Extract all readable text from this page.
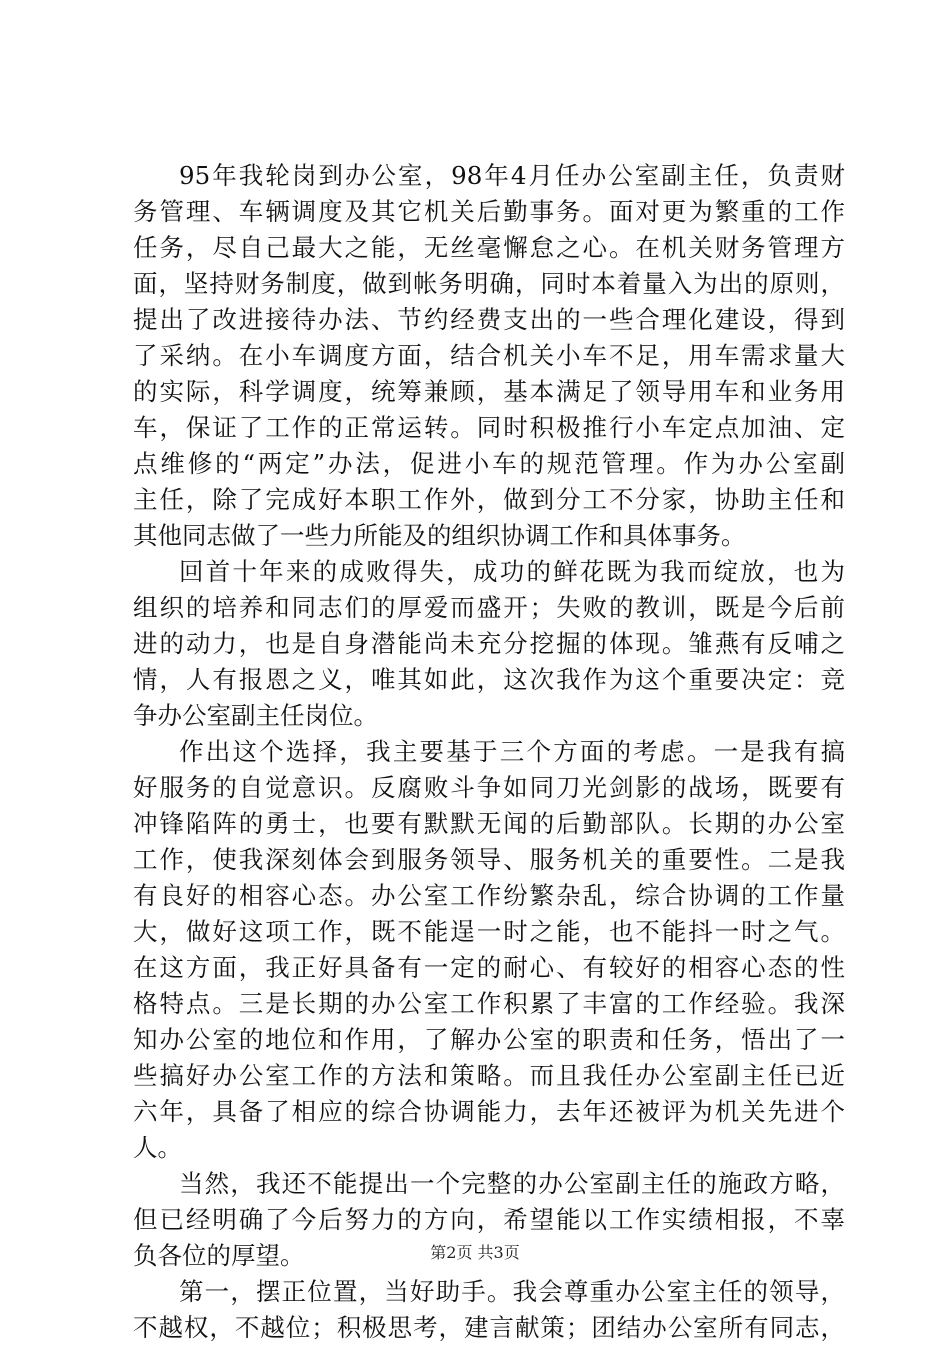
95年我轮岗到办公室，98年4月任办公室副主任，负责财
务管理、车辆调度及其它机关后勤事务。面对更为繁重的工作
任务，尽自己最大之能，无丝毫懈怠之心。在机关财务管理方
面，坚持财务制度，做到帐务明确，同时本着量入为出的原则，
提出了改进接待办法、节约经费支出的一些合理化建设，得到
了采纳。在小车调度方面，结合机关小车不足，用车需求量大
的实际，科学调度，统筹兼顾，基本满足了领导用车和业务用
车，保证了工作的正常运转。同时积极推行小车定点加油、定
点维修的“两定”办法，促进小车的规范管理。作为办公室副
主任，除了完成好本职工作外，做到分工不分家，协助主任和
其他同志做了一些力所能及的组织协调工作和具体事务。
回首十年来的成败得失，成功的鲜花既为我而绽放，也为
组织的培养和同志们的厚爱而盛开；失败的教训，既是今后前
进的动力，也是自身潜能尚未充分挖掘的体现。雏燕有反哺之
情，人有报恩之义，唯其如此，这次我作为这个重要决定：竞
争办公室副主任岗位。
作出这个选择，我主要基于三个方面的考虑。一是我有搞
好服务的自觉意识。反腐败斗争如同刀光剑影的战场，既要有
冲锋陷阵的勇士，也要有默默无闻的后勤部队。长期的办公室
工作，使我深刻体会到服务领导、服务机关的重要性。二是我
有良好的相容心态。办公室工作纷繁杂乱，综合协调的工作量
大，做好这项工作，既不能逞一时之能，也不能抖一时之气。
在这方面，我正好具备有一定的耐心、有较好的相容心态的性
格特点。三是长期的办公室工作积累了丰富的工作经验。我深
知办公室的地位和作用，了解办公室的职责和任务，悟出了一
些搞好办公室工作的方法和策略。而且我任办公室副主任已近
六年，具备了相应的综合协调能力，去年还被评为机关先进个
人。
当然，我还不能提出一个完整的办公室副主任的施政方略，
但已经明确了今后努力的方向，希望能以工作实绩相报，不辜
负各位的厚望。
第一，摆正位置，当好助手。我会尊重办公室主任的领导，
不越权，不越位；积极思考，建言献策；团结办公室所有同志，
第2页 共3页
